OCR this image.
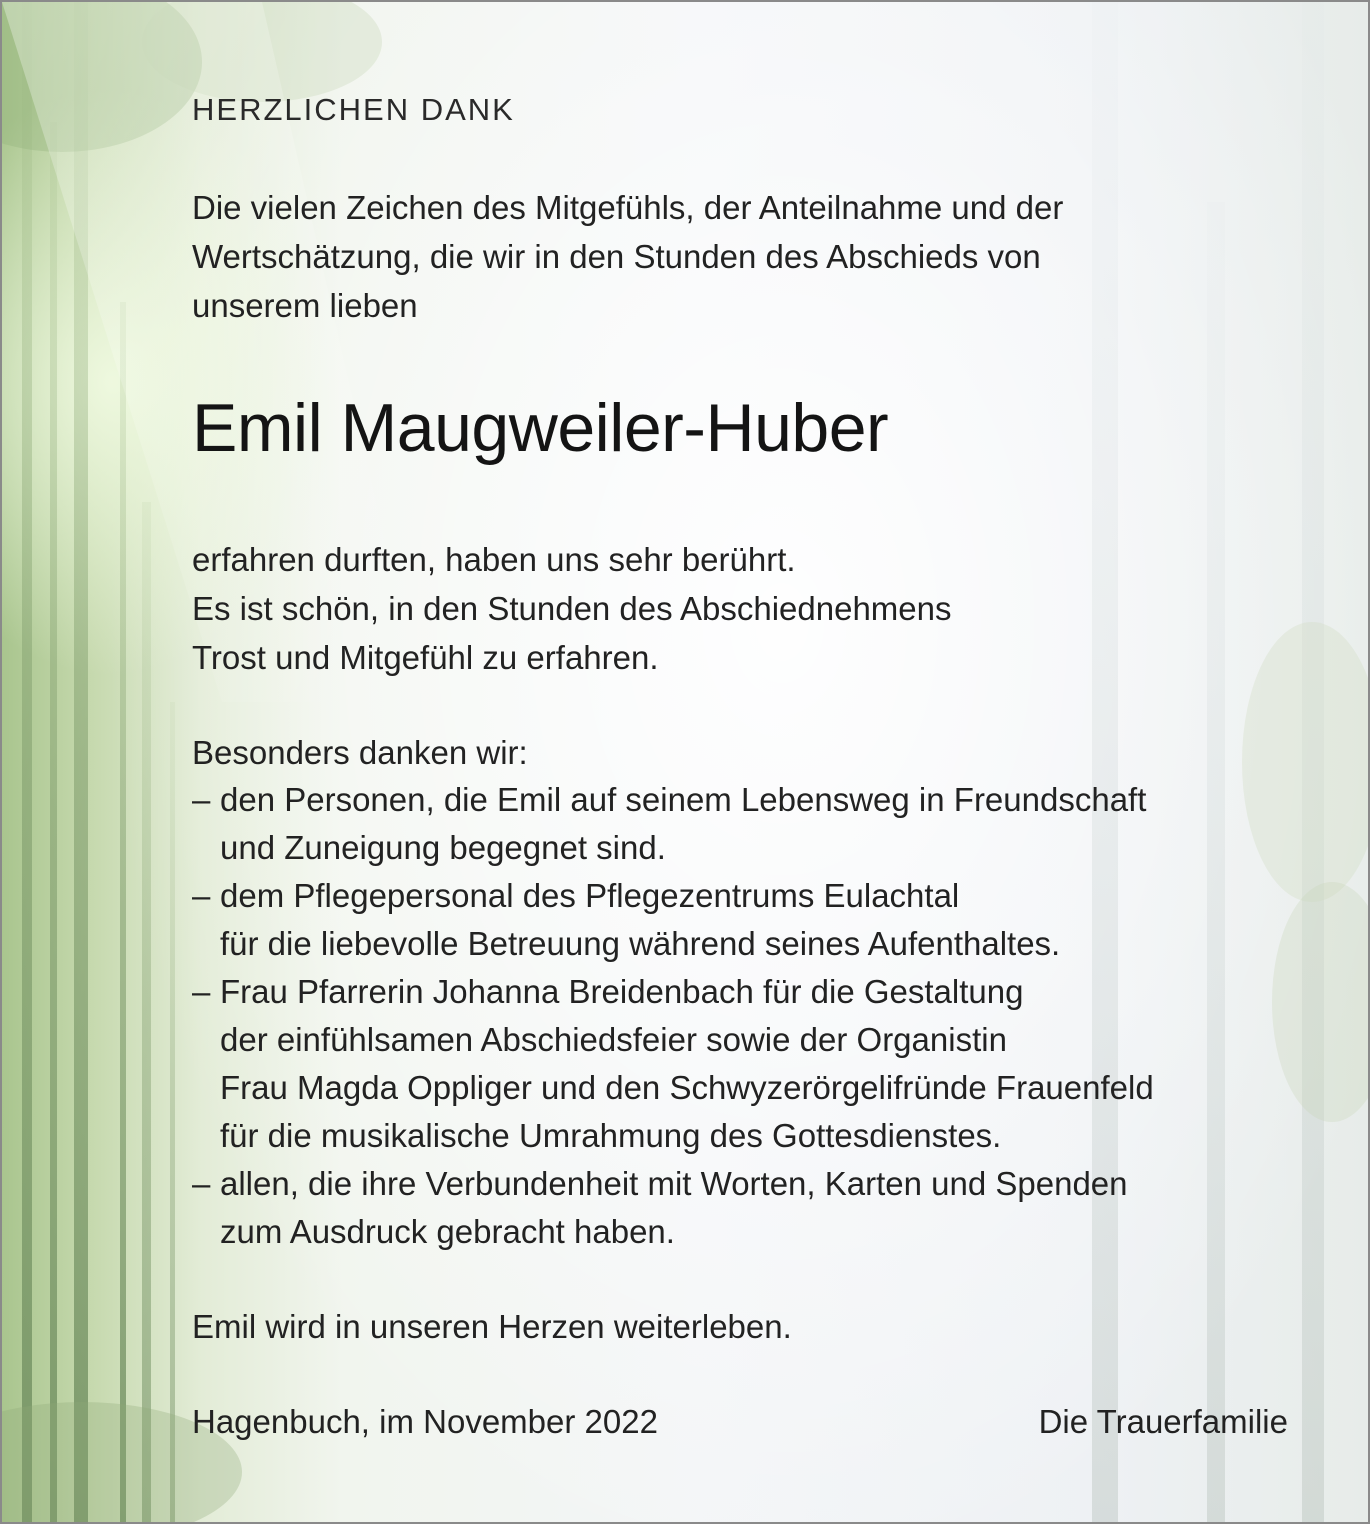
HERZLICHEN DANK

Die vielen Zeichen des Mitgefühls, der Anteilnahme und der
Wertschätzung, die wir in den Stunden des Abschieds von
unserem lieben

Emil Maugweiler-Huber

erfahren durften, haben uns sehr berührt.
Es ist schön, in den Stunden des Abschiednehmens
Trost und Mitgefühl zu erfahren.

Besonders danken wir:

– den Personen, die Emil auf seinem Lebensweg in Freundschaft
und Zuneigung begegnet sind.
– dem Pflegepersonal des Pflegezentrums Eulachtal
für die liebevolle Betreuung während seines Aufenthaltes.
– Frau Pfarrerin Johanna Breidenbach für die Gestaltung
der einfühlsamen Abschiedsfeier sowie der Organistin
Frau Magda Oppliger und den Schwyzerörgelifründe Frauenfeld
für die musikalische Umrahmung des Gottesdienstes.
– allen, die ihre Verbundenheit mit Worten, Karten und Spenden
zum Ausdruck gebracht haben.

Emil wird in unseren Herzen weiterleben.

Hagenbuch, im November 2022	Die Trauerfamilie
